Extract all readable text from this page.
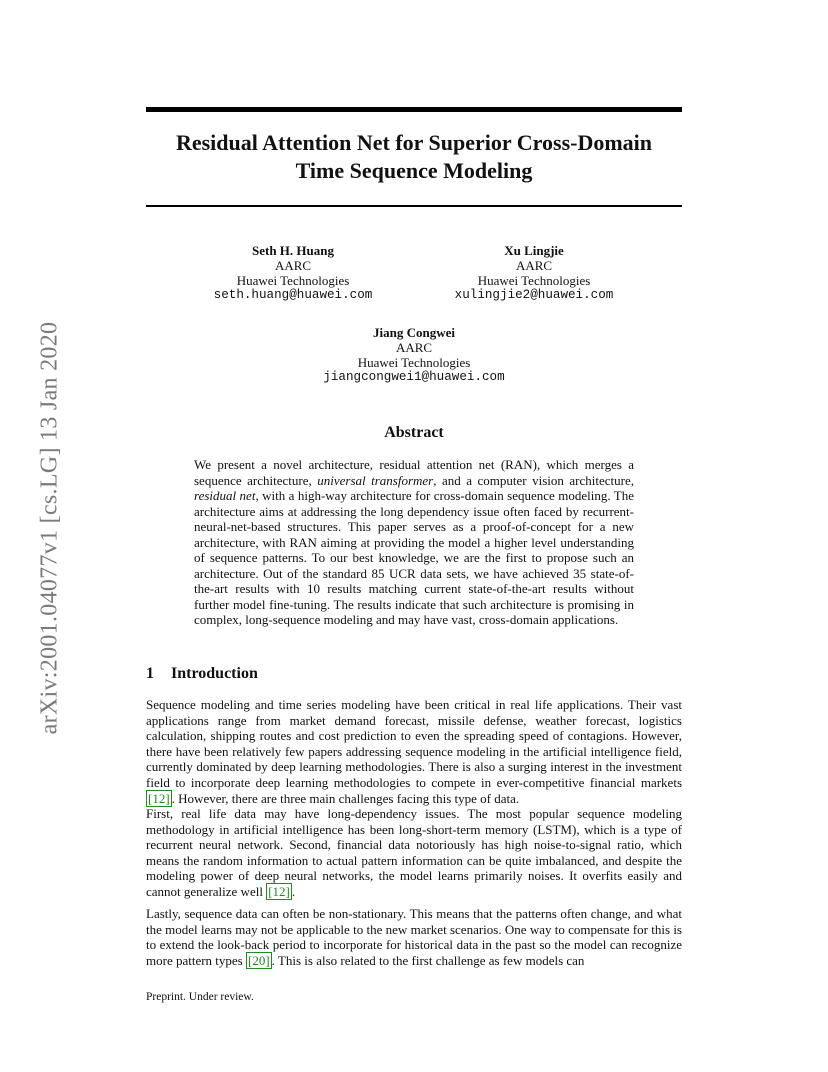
arXiv:2001.04077v1 [cs.LG] 13 Jan 2020
Residual Attention Net for Superior Cross-Domain
Time Sequence Modeling
Seth H. Huang
AARC
Huawei Technologies
seth.huang@huawei.com
Xu Lingjie
AARC
Huawei Technologies
xulingjie2@huawei.com
Jiang Congwei
AARC
Huawei Technologies
jiangcongwei1@huawei.com
Abstract
We present a novel architecture, residual attention net (RAN), which merges a sequence architecture, universal transformer, and a computer vision architecture, residual net, with a high-way architecture for cross-domain sequence modeling. The architecture aims at addressing the long dependency issue often faced by recurrent-neural-net-based structures. This paper serves as a proof-of-concept for a new architecture, with RAN aiming at providing the model a higher level understanding of sequence patterns. To our best knowledge, we are the first to propose such an architecture. Out of the standard 85 UCR data sets, we have achieved 35 state-of-the-art results with 10 results matching current state-of-the-art results without further model fine-tuning. The results indicate that such architecture is promising in complex, long-sequence modeling and may have vast, cross-domain applications.
1 Introduction

Sequence modeling and time series modeling have been critical in real life applications. Their vast applications range from market demand forecast, missile defense, weather forecast, logistics calculation, shipping routes and cost prediction to even the spreading speed of contagions. However, there have been relatively few papers addressing sequence modeling in the artificial intelligence field, currently dominated by deep learning methodologies. There is also a surging interest in the investment field to incorporate deep learning methodologies to compete in ever-competitive financial markets [12] . However, there are three main challenges facing this type of data.

First, real life data may have long-dependency issues. The most popular sequence modeling methodology in artificial intelligence has been long-short-term memory (LSTM), which is a type of recurrent neural network. Second, financial data notoriously has high noise-to-signal ratio, which means the random information to actual pattern information can be quite imbalanced, and despite the modeling power of deep neural networks, the model learns primarily noises. It overfits easily and cannot generalize well [12] .

Lastly, sequence data can often be non-stationary. This means that the patterns often change, and what the model learns may not be applicable to the new market scenarios. One way to compensate for this is to extend the look-back period to incorporate for historical data in the past so the model can recognize more pattern types [20] . This is also related to the first challenge as few models can

Preprint. Under review.
